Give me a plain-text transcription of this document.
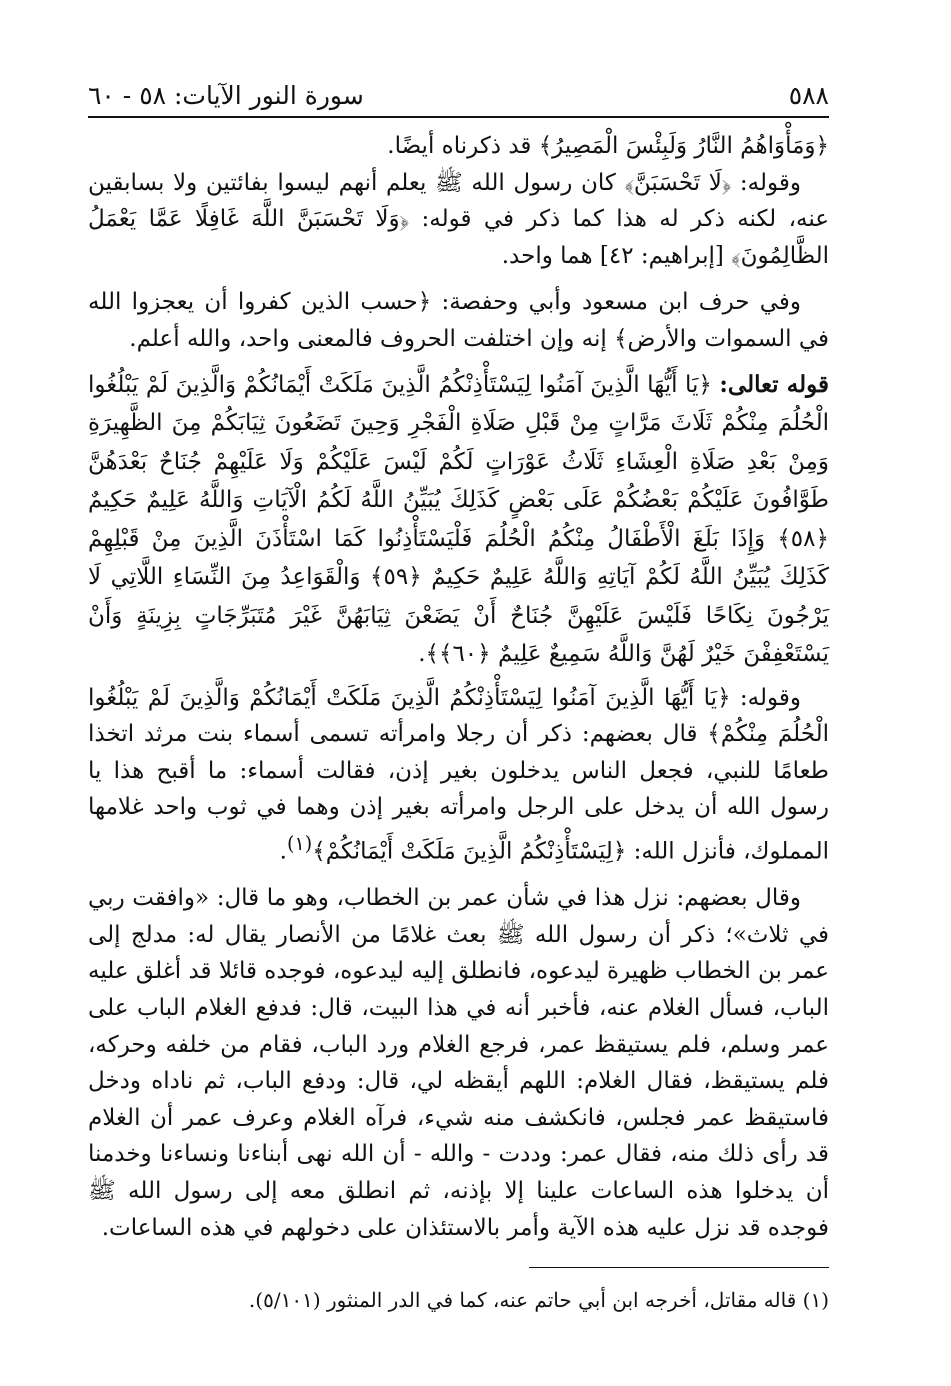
٥٨٨
سورة النور الآيات: ٥٨ - ٦٠

﴿وَمَأْوَاهُمُ النَّارُ وَلَبِئْسَ الْمَصِيرُ﴾ قد ذكرناه أيضًا.

وقوله: ﴿لَا تَحْسَبَنَّ﴾ كان رسول الله ﷺ يعلم أنهم ليسوا بفائتين ولا بسابقين عنه، لكنه ذكر له هذا كما ذكر في قوله: ﴿وَلَا تَحْسَبَنَّ اللَّهَ غَافِلًا عَمَّا يَعْمَلُ الظَّالِمُونَ﴾ [إبراهيم: ٤٢] هما واحد.

وفي حرف ابن مسعود وأبي وحفصة: ﴿حسب الذين كفروا أن يعجزوا الله في السموات والأرض﴾ إنه وإن اختلفت الحروف فالمعنى واحد، والله أعلم.

قوله تعالى: ﴿يَا أَيُّهَا الَّذِينَ آمَنُوا لِيَسْتَأْذِنْكُمُ الَّذِينَ مَلَكَتْ أَيْمَانُكُمْ وَالَّذِينَ لَمْ يَبْلُغُوا الْحُلُمَ مِنْكُمْ ثَلَاثَ مَرَّاتٍ مِنْ قَبْلِ صَلَاةِ الْفَجْرِ وَحِينَ تَضَعُونَ ثِيَابَكُمْ مِنَ الظَّهِيرَةِ وَمِنْ بَعْدِ صَلَاةِ الْعِشَاءِ ثَلَاثُ عَوْرَاتٍ لَكُمْ لَيْسَ عَلَيْكُمْ وَلَا عَلَيْهِمْ جُنَاحٌ بَعْدَهُنَّ طَوَّافُونَ عَلَيْكُمْ بَعْضُكُمْ عَلَى بَعْضٍ كَذَلِكَ يُبَيِّنُ اللَّهُ لَكُمُ الْآيَاتِ وَاللَّهُ عَلِيمٌ حَكِيمٌ ﴿٥٨﴾ وَإِذَا بَلَغَ الْأَطْفَالُ مِنْكُمُ الْحُلُمَ فَلْيَسْتَأْذِنُوا كَمَا اسْتَأْذَنَ الَّذِينَ مِنْ قَبْلِهِمْ كَذَلِكَ يُبَيِّنُ اللَّهُ لَكُمْ آيَاتِهِ وَاللَّهُ عَلِيمٌ حَكِيمٌ ﴿٥٩﴾ وَالْقَوَاعِدُ مِنَ النِّسَاءِ اللَّاتِي لَا يَرْجُونَ نِكَاحًا فَلَيْسَ عَلَيْهِنَّ جُنَاحٌ أَنْ يَضَعْنَ ثِيَابَهُنَّ غَيْرَ مُتَبَرِّجَاتٍ بِزِينَةٍ وَأَنْ يَسْتَعْفِفْنَ خَيْرٌ لَهُنَّ وَاللَّهُ سَمِيعٌ عَلِيمٌ ﴿٦٠﴾﴾.

وقوله: ﴿يَا أَيُّهَا الَّذِينَ آمَنُوا لِيَسْتَأْذِنْكُمُ الَّذِينَ مَلَكَتْ أَيْمَانُكُمْ وَالَّذِينَ لَمْ يَبْلُغُوا الْحُلُمَ مِنْكُمْ﴾ قال بعضهم: ذكر أن رجلا وامرأته تسمى أسماء بنت مرثد اتخذا طعامًا للنبي، فجعل الناس يدخلون بغير إذن، فقالت أسماء: ما أقبح هذا يا رسول الله أن يدخل على الرجل وامرأته بغير إذن وهما في ثوب واحد غلامها المملوك، فأنزل الله: ﴿لِيَسْتَأْذِنْكُمُ الَّذِينَ مَلَكَتْ أَيْمَانُكُمْ﴾$^{(١)}$.

وقال بعضهم: نزل هذا في شأن عمر بن الخطاب، وهو ما قال: «وافقت ربي في ثلاث»؛ ذكر أن رسول الله ﷺ بعث غلامًا من الأنصار يقال له: مدلج إلى عمر بن الخطاب ظهيرة ليدعوه، فانطلق إليه ليدعوه، فوجده قائلا قد أغلق عليه الباب، فسأل الغلام عنه، فأخبر أنه في هذا البيت، قال: فدفع الغلام الباب على عمر وسلم، فلم يستيقظ عمر، فرجع الغلام ورد الباب، فقام من خلفه وحركه، فلم يستيقظ، فقال الغلام: اللهم أيقظه لي، قال: ودفع الباب، ثم ناداه ودخل فاستيقظ عمر فجلس، فانكشف منه شيء، فرآه الغلام وعرف عمر أن الغلام قد رأى ذلك منه، فقال عمر: وددت - والله - أن الله نهى أبناءنا ونساءنا وخدمنا أن يدخلوا هذه الساعات علينا إلا بإذنه، ثم انطلق معه إلى رسول الله ﷺ فوجده قد نزل عليه هذه الآية وأمر بالاستئذان على دخولهم في هذه الساعات.

(١) قاله مقاتل، أخرجه ابن أبي حاتم عنه، كما في الدر المنثور (٥/١٠١).
